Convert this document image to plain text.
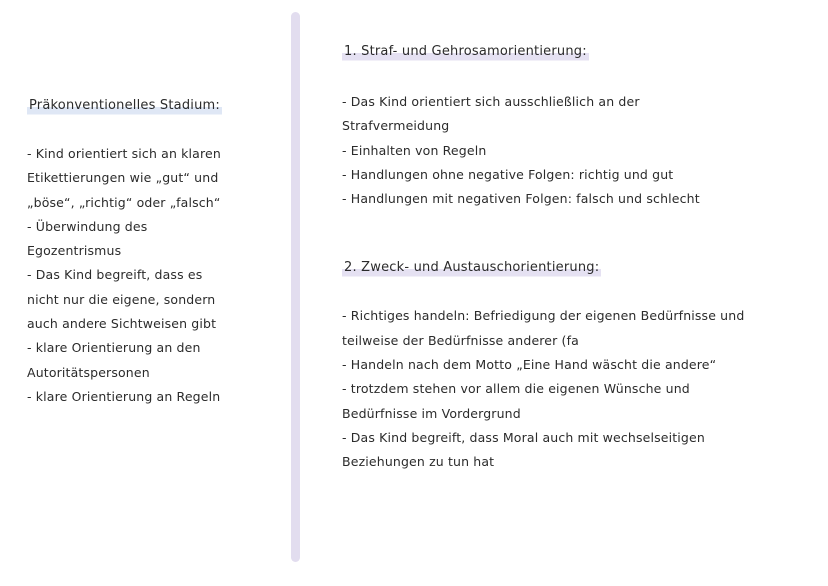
Präkonventionelles Stadium:
- Kind orientiert sich an klaren
Etikettierungen wie „gut“ und
„böse“, „richtig“ oder „falsch“
- Überwindung des
Egozentrismus
- Das Kind begreift, dass es
nicht nur die eigene, sondern
auch andere Sichtweisen gibt
- klare Orientierung an den
Autoritätspersonen
- klare Orientierung an Regeln
1. Straf- und Gehrosamorientierung:
- Das Kind orientiert sich ausschließlich an der
Strafvermeidung
- Einhalten von Regeln
- Handlungen ohne negative Folgen: richtig und gut
- Handlungen mit negativen Folgen: falsch und schlecht
2. Zweck- und Austauschorientierung:
- Richtiges handeln: Befriedigung der eigenen Bedürfnisse und
teilweise der Bedürfnisse anderer (fa
- Handeln nach dem Motto „Eine Hand wäscht die andere“
- trotzdem stehen vor allem die eigenen Wünsche und
Bedürfnisse im Vordergrund
- Das Kind begreift, dass Moral auch mit wechselseitigen
Beziehungen zu tun hat
